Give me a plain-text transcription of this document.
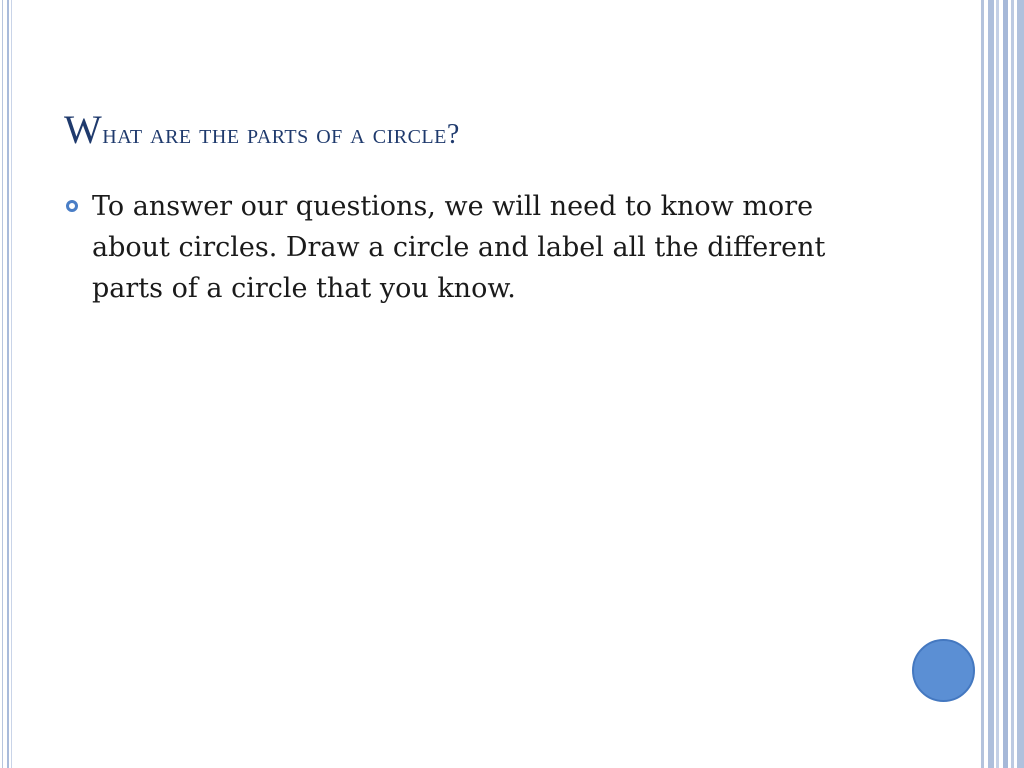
What are the parts of a circle?
To answer our questions, we will need to know more about circles. Draw a circle and label all the different parts of a circle that you know.
